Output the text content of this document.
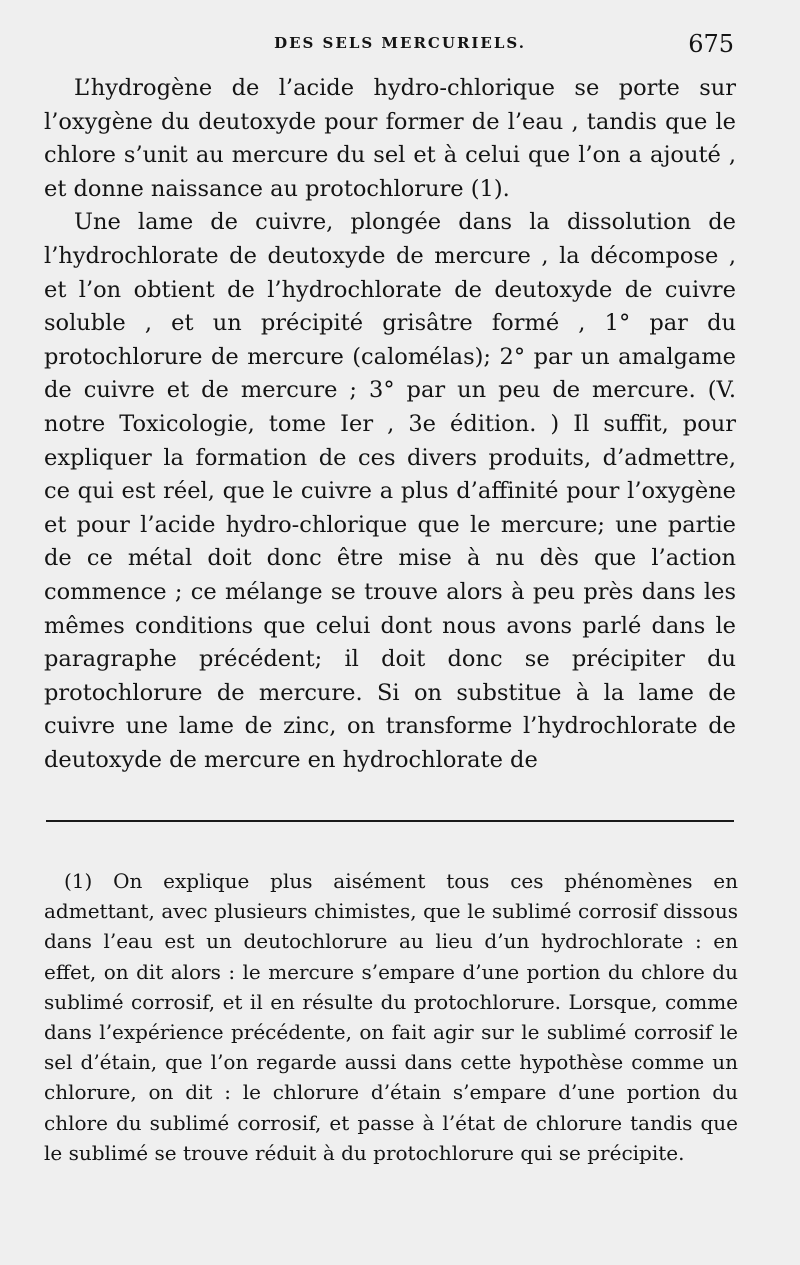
DES SELS MERCURIELS.	675

L’hydrogène de l’acide hydro-chlorique se porte sur l’oxygène du deutoxyde pour former de l’eau , tandis que le chlore s’unit au mercure du sel et à celui que l’on a ajouté , et donne naissance au protochlorure (1).

Une lame de cuivre, plongée dans la dissolution de l’hydrochlorate de deutoxyde de mercure , la décompose , et l’on obtient de l’hydrochlorate de deutoxyde de cuivre soluble , et un précipité grisâtre formé , 1° par du protochlorure de mercure (calomélas); 2° par un amalgame de cuivre et de mercure ; 3° par un peu de mercure. (V. notre Toxicologie, tome Ier , 3e édition. ) Il suffit, pour expliquer la formation de ces divers produits, d’admettre, ce qui est réel, que le cuivre a plus d’affinité pour l’oxygène et pour l’acide hydro-chlorique que le mercure; une partie de ce métal doit donc être mise à nu dès que l’action commence ; ce mélange se trouve alors à peu près dans les mêmes conditions que celui dont nous avons parlé dans le paragraphe précédent; il doit donc se précipiter du protochlorure de mercure. Si on substitue à la lame de cuivre une lame de zinc, on transforme l’hydrochlorate de deutoxyde de mercure en hydrochlorate de

(1) On explique plus aisément tous ces phénomènes en admettant, avec plusieurs chimistes, que le sublimé corrosif dissous dans l’eau est un deutochlorure au lieu d’un hydrochlorate : en effet, on dit alors : le mercure s’empare d’une portion du chlore du sublimé corrosif, et il en résulte du protochlorure. Lorsque, comme dans l’expérience précédente, on fait agir sur le sublimé corrosif le sel d’étain, que l’on regarde aussi dans cette hypothèse comme un chlorure, on dit : le chlorure d’étain s’empare d’une portion du chlore du sublimé corrosif, et passe à l’état de chlorure tandis que le sublimé se trouve réduit à du protochlorure qui se précipite.
